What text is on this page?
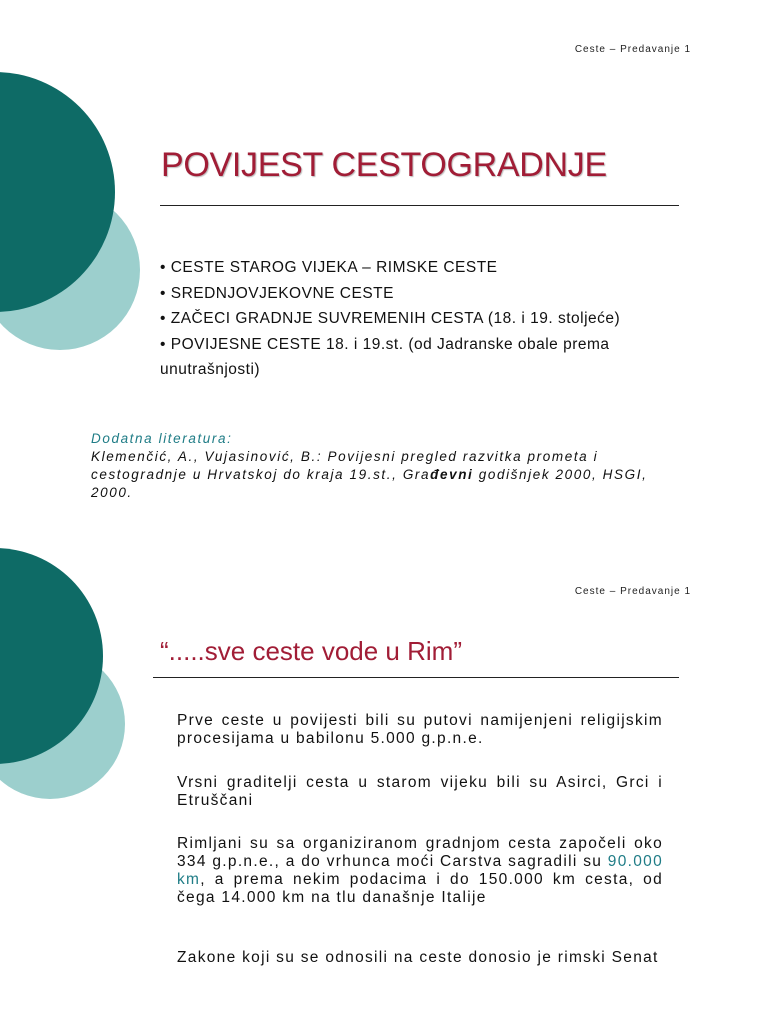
Ceste – Predavanje 1
POVIJEST CESTOGRADNJE
• CESTE STAROG VIJEKA – RIMSKE CESTE
• SREDNJOVJEKOVNE CESTE
• ZAČECI GRADNJE SUVREMENIH CESTA (18. i 19. stoljeće)
• POVIJESNE CESTE 18. i 19.st. (od Jadranske obale prema unutrašnjosti)
Dodatna literatura:
Klemenčić, A., Vujasinović, B.: Povijesni pregled razvitka prometa i cestogradnje u Hrvatskoj do kraja 19.st., Građevni godišnjek 2000, HSGI, 2000.
Ceste – Predavanje 1
“.....sve ceste vode u Rim”

Prve ceste u povijesti bili su putovi namijenjeni religijskim procesijama u babilonu 5.000 g.p.n.e.

Vrsni graditelji cesta u starom vijeku bili su Asirci, Grci i Etruščani

Rimljani su sa organiziranom gradnjom cesta započeli oko 334 g.p.n.e., a do vrhunca moći Carstva sagradili su 90.000 km, a prema nekim podacima i do 150.000 km cesta, od čega 14.000 km na tlu današnje Italije

Zakone koji su se odnosili na ceste donosio je rimski Senat
